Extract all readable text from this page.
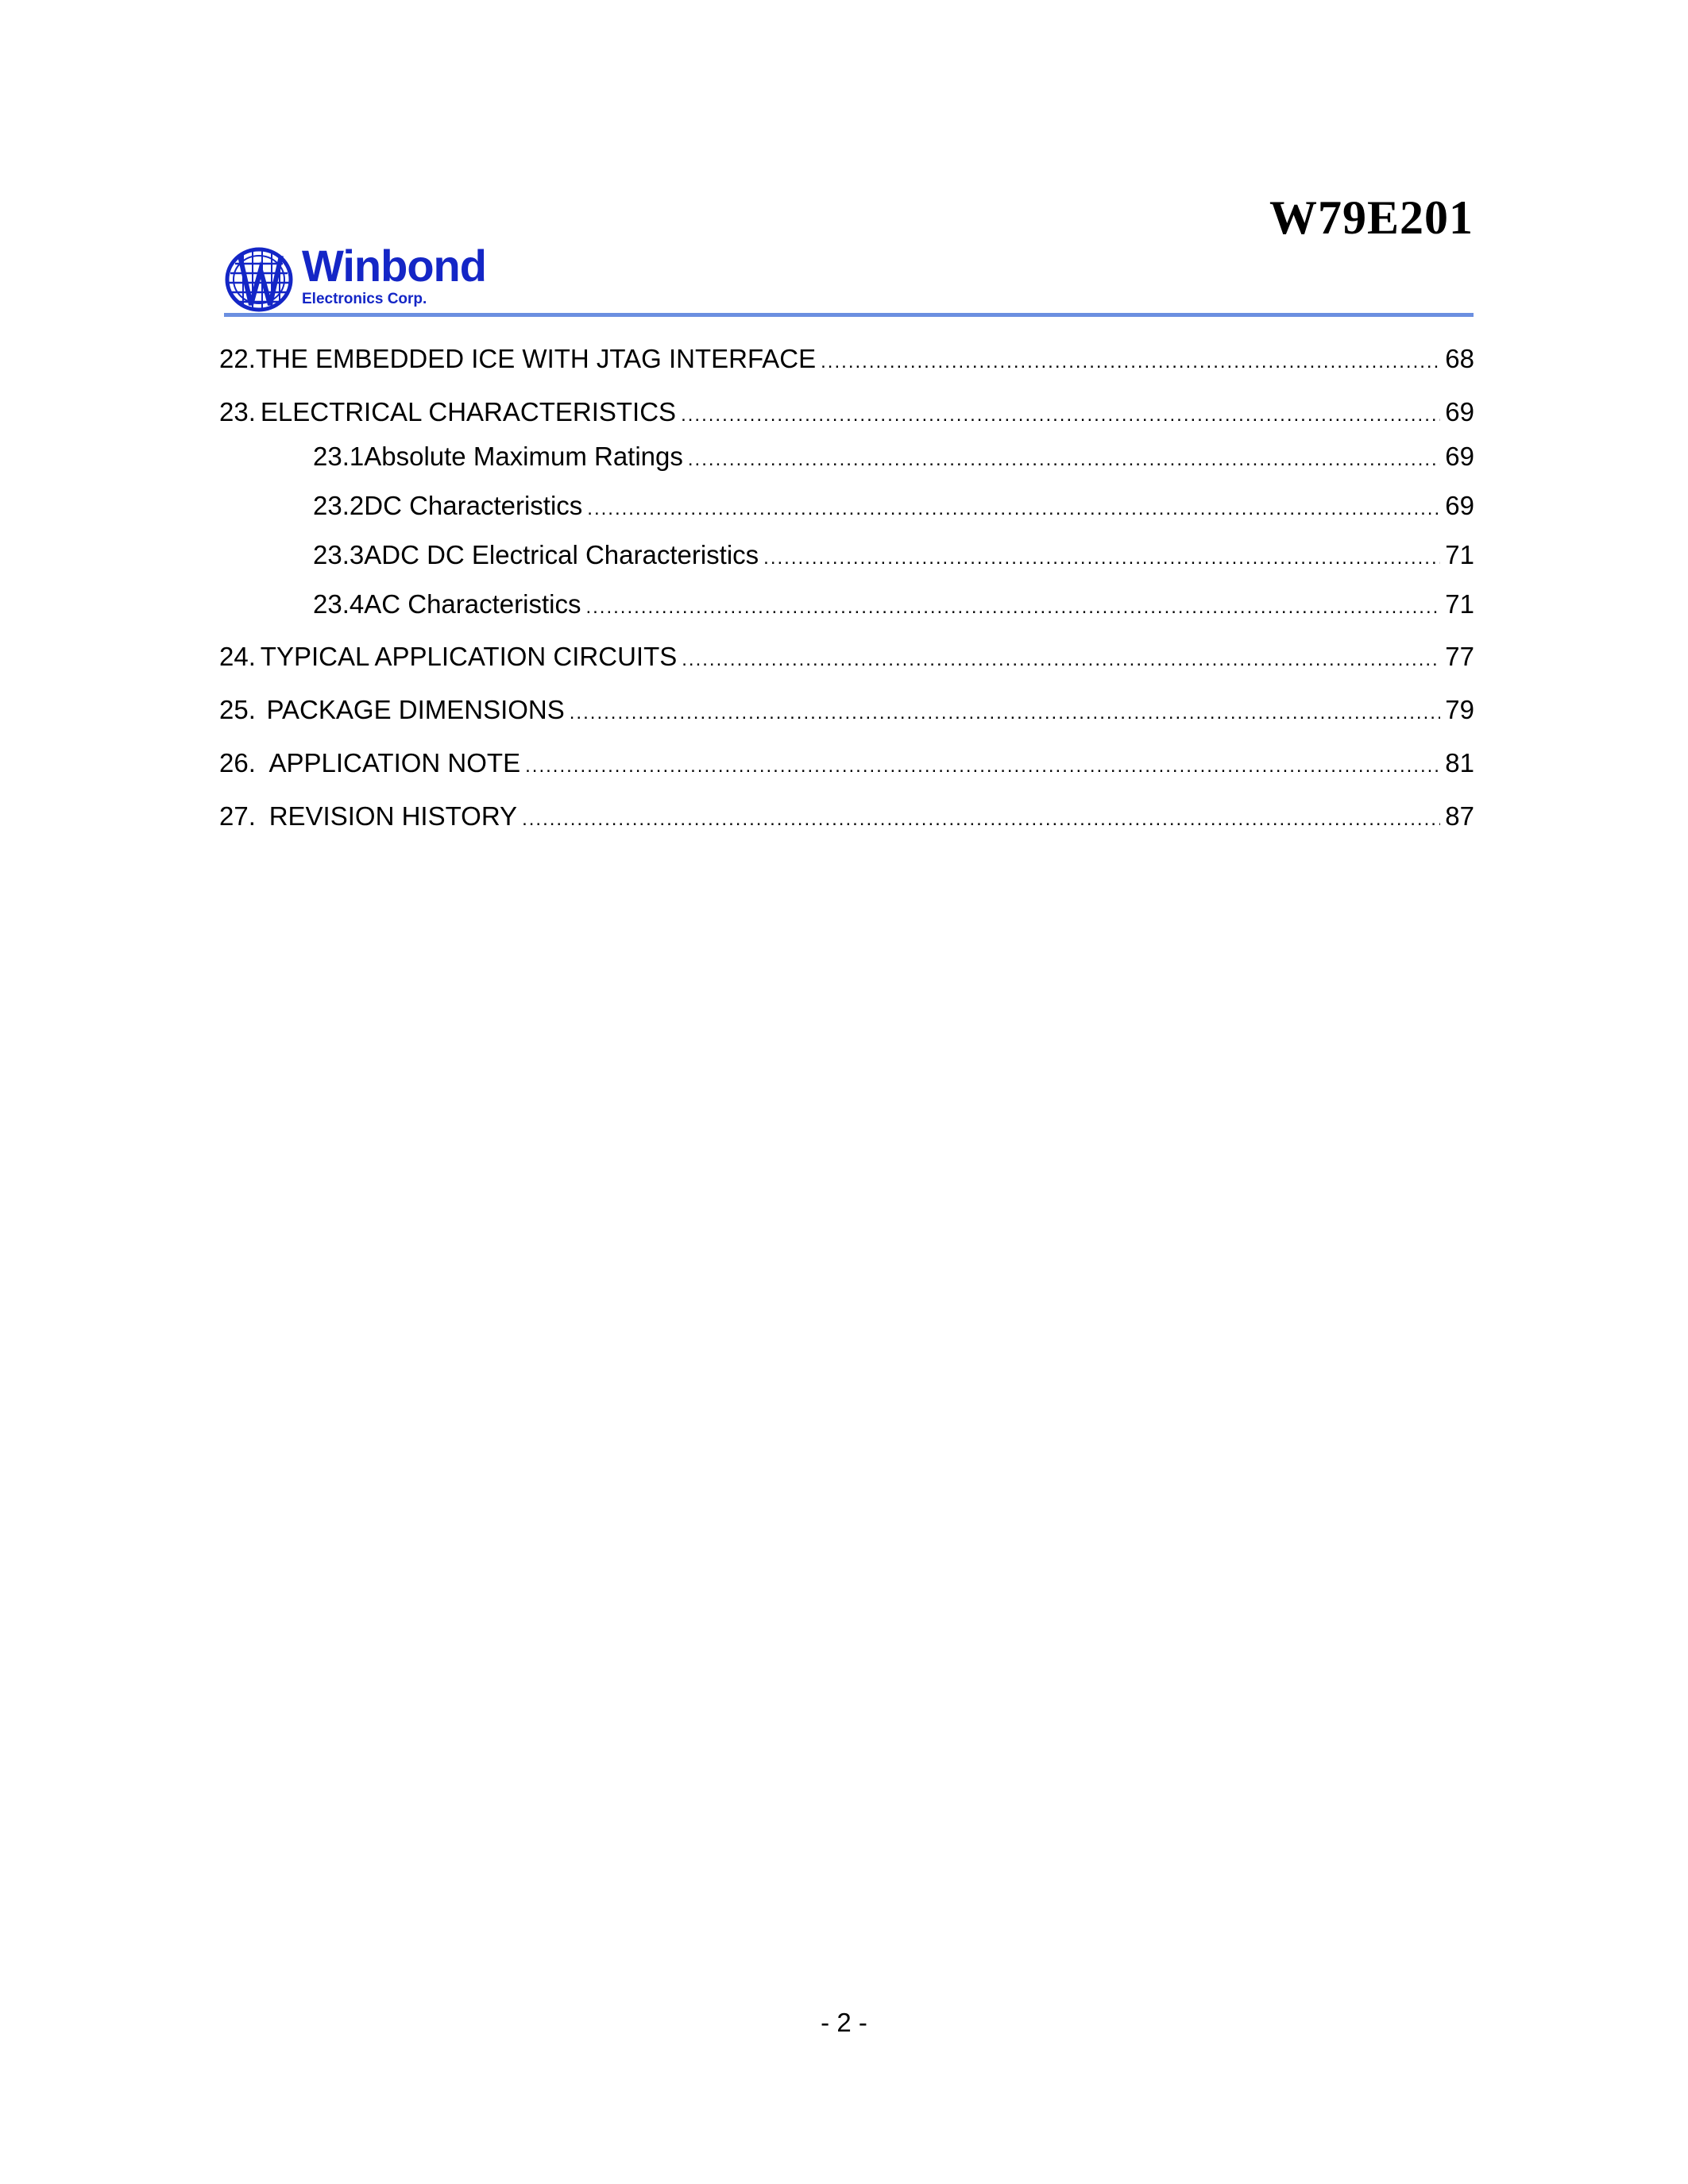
W79E201
Winbond
Electronics Corp.
22. THE EMBEDDED ICE WITH JTAG INTERFACE .....	68
23. ELECTRICAL CHARACTERISTICS .....	69
23.1 Absolute Maximum Ratings .....	69
23.2 DC Characteristics .....	69
23.3 ADC DC Electrical Characteristics .....	71
23.4 AC Characteristics .....	71
24. TYPICAL APPLICATION CIRCUITS .....	77
25. PACKAGE DIMENSIONS .....	79
26. APPLICATION NOTE .....	81
27. REVISION HISTORY .....	87
- 2 -
